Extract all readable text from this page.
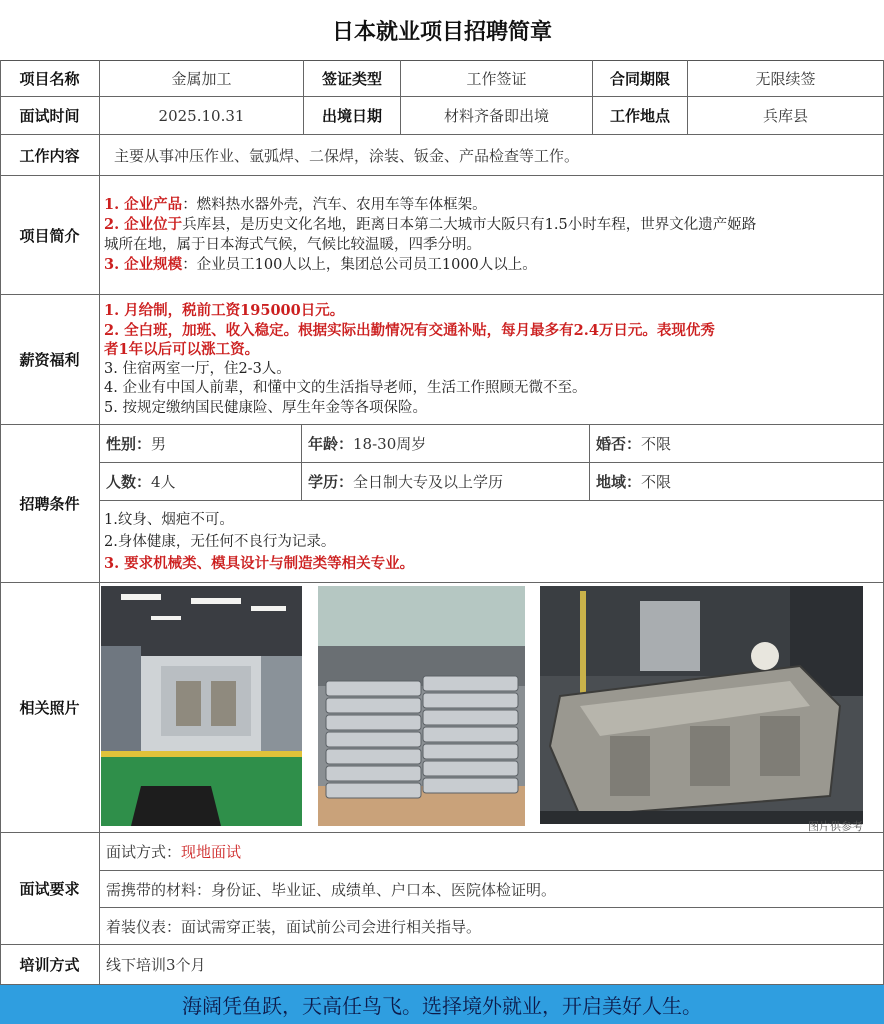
日本就业项目招聘简章
项目名称	金属加工	签证类型	工作签证	合同期限	无限续签
面试时间	2025.10.31	出境日期	材料齐备即出境	工作地点	兵库县
工作内容	主要从事冲压作业、氩弧焊、二保焊，涂装、钣金、产品检查等工作。
项目简介
1. 企业产品：燃料热水器外壳，汽车、农用车等车体框架。
2. 企业位于兵库县，是历史文化名地，距离日本第二大城市大阪只有1.5小时车程，世界文化遗产姬路
城所在地，属于日本海式气候，气候比较温暖，四季分明。
3. 企业规模：企业员工100人以上，集团总公司员工1000人以上。
薪资福利
1. 月给制，税前工资195000日元。
2. 全白班，加班、收入稳定。根据实际出勤情况有交通补贴，每月最多有2.4万日元。表现优秀
者1年以后可以涨工资。
3. 住宿两室一厅，住2-3人。
4. 企业有中国人前辈，和懂中文的生活指导老师，生活工作照顾无微不至。
5. 按规定缴纳国民健康险、厚生年金等各项保险。
招聘条件
性别： 男	年龄： 18-30周岁	婚否： 不限
人数： 4人	学历： 全日制大专及以上学历	地域： 不限
1.纹身、烟疤不可。
2.身体健康，无任何不良行为记录。
3. 要求机械类、模具设计与制造类等相关专业。
相关照片
图片供参考
面试要求
面试方式： 现地面试
需携带的材料：身份证、毕业证、成绩单、户口本、医院体检证明。
着装仪表：面试需穿正装，面试前公司会进行相关指导。
培训方式	线下培训3个月
海阔凭鱼跃，天高任鸟飞。选择境外就业，开启美好人生。
